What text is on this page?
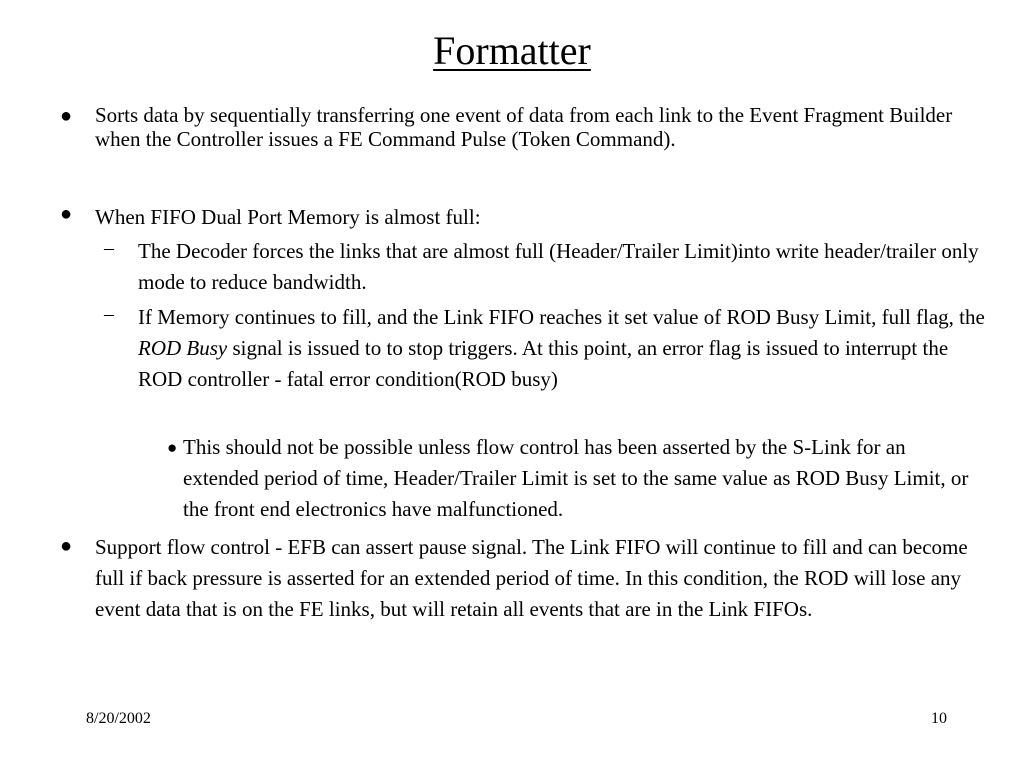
Formatter
● Sorts data by sequentially transferring one event of data from each link to the Event Fragment Builder when the Controller issues a FE Command Pulse (Token Command).
● When FIFO Dual Port Memory is almost full:
– The Decoder forces the links that are almost full (Header/Trailer Limit)into write header/trailer only mode to reduce bandwidth.
– If Memory continues to fill, and the Link FIFO reaches it set value of ROD Busy Limit, full flag, the ROD Busy signal is issued to to stop triggers. At this point, an error flag is issued to interrupt the ROD controller - fatal error condition(ROD busy)
● This should not be possible unless flow control has been asserted by the S-Link for an extended period of time, Header/Trailer Limit is set to the same value as ROD Busy Limit, or the front end electronics have malfunctioned.
● Support flow control - EFB can assert pause signal. The Link FIFO will continue to fill and can become full if back pressure is asserted for an extended period of time. In this condition, the ROD will lose any event data that is on the FE links, but will retain all events that are in the Link FIFOs.
8/20/2002	10
